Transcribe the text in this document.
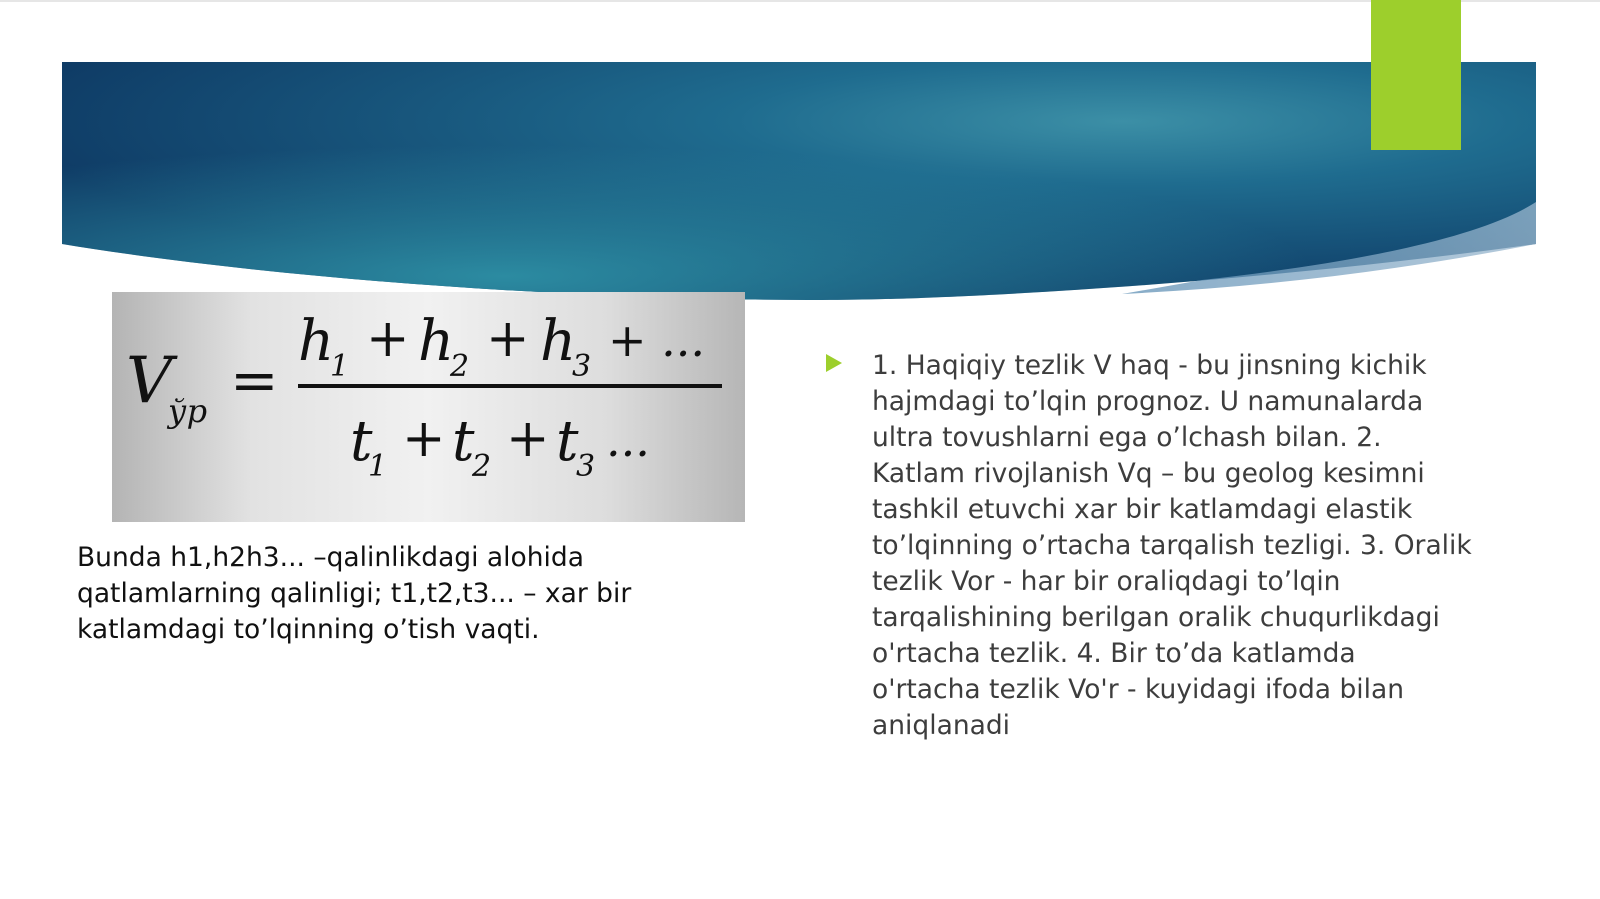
V
ўр =
h
1 + h
2 + h
3 + ...
t
1 + t
2 + t
3 ...
Bunda h1,h2h3... –qalinlikdagi alohida qatlamlarning qalinligi; t1,t2,t3... – xar bir katlamdagi to’lqinning o’tish vaqti.
1. Haqiqiy tezlik V haq - bu jinsning kichik hajmdagi to’lqin prognoz. U namunalarda ultra tovushlarni ega o’lchash bilan. 2. Katlam rivojlanish Vq – bu geolog kesimni tashkil etuvchi xar bir katlamdagi elastik to’lqinning o’rtacha tarqalish tezligi. 3. Oralik tezlik Vor - har bir oraliqdagi to’lqin tarqalishining berilgan oralik chuqurlikdagi o'rtacha tezlik. 4. Bir to’da katlamda o'rtacha tezlik Vo'r - kuyidagi ifoda bilan aniqlanadi
